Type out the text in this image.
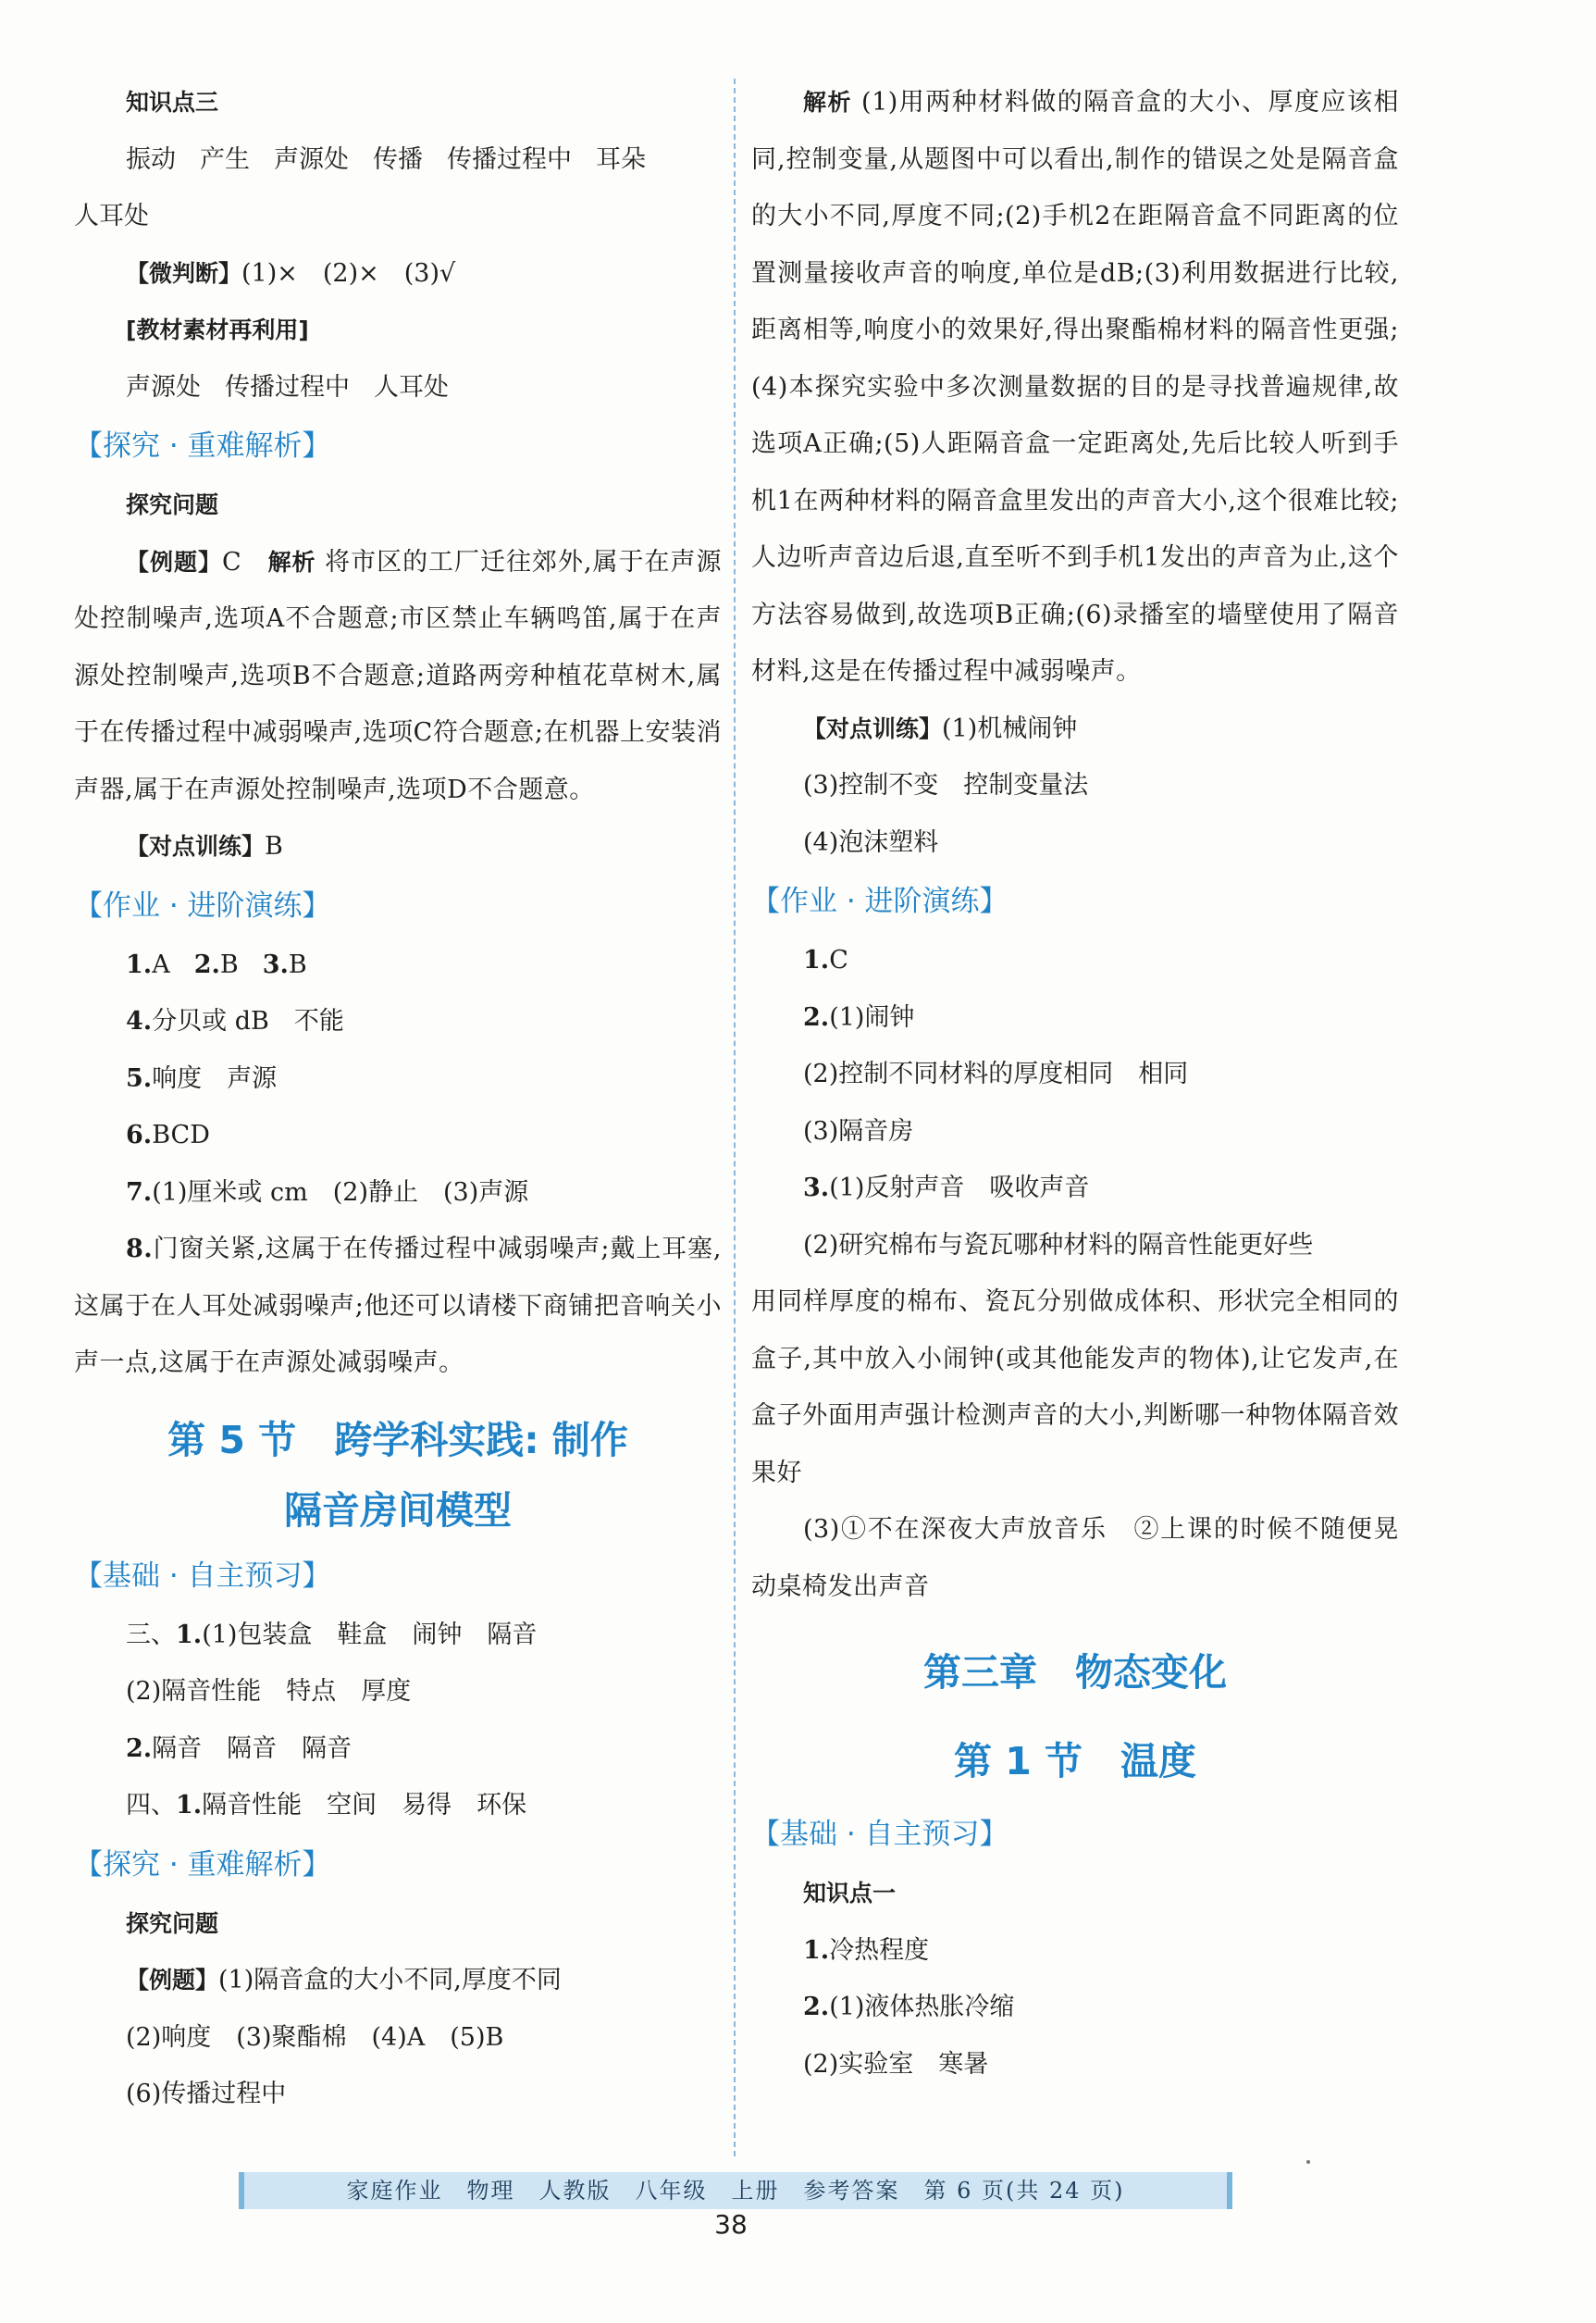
知识点三

振动 产生 声源处 传播 传播过程中 耳朵

人耳处

【微判断】(1)×　(2)×　(3)√

[教材素材再利用]

声源处 传播过程中 人耳处

【探究 · 重难解析】

探究问题

【例题】C　 解析 将市区的工厂迁往郊外,属于在声源处控制噪声,选项A不合题意;市区禁止车辆鸣笛,属于在声源处控制噪声,选项B不合题意;道路两旁种植花草树木,属于在传播过程中减弱噪声,选项C符合题意;在机器上安装消声器,属于在声源处控制噪声,选项D不合题意。

【对点训练】B

【作业 · 进阶演练】

1.A 2.B 3.B

4.分贝或 dB　不能

5.响度　声源

6.BCD

7.(1)厘米或 cm　(2)静止　(3)声源

8.门窗关紧,这属于在传播过程中减弱噪声;戴上耳塞,这属于在人耳处减弱噪声;他还可以请楼下商铺把音响关小声一点,这属于在声源处减弱噪声。

第 5 节　跨学科实践: 制作

隔音房间模型

【基础 · 自主预习】

三、1.(1)包装盒　鞋盒　闹钟　隔音

(2)隔音性能　特点　厚度

2.隔音　隔音　隔音

四、1.隔音性能　空间　易得　环保

【探究 · 重难解析】

探究问题

【例题】(1)隔音盒的大小不同,厚度不同

(2)响度　(3)聚酯棉　(4)A　(5)B

(6)传播过程中

解析 (1)用两种材料做的隔音盒的大小、厚度应该相同,控制变量,从题图中可以看出,制作的错误之处是隔音盒的大小不同,厚度不同;(2)手机2在距隔音盒不同距离的位置测量接收声音的响度,单位是dB;(3)利用数据进行比较,距离相等,响度小的效果好,得出聚酯棉材料的隔音性更强;(4)本探究实验中多次测量数据的目的是寻找普遍规律,故选项A正确;(5)人距隔音盒一定距离处,先后比较人听到手机1在两种材料的隔音盒里发出的声音大小,这个很难比较;人边听声音边后退,直至听不到手机1发出的声音为止,这个方法容易做到,故选项B正确;(6)录播室的墙壁使用了隔音材料,这是在传播过程中减弱噪声。

【对点训练】(1)机械闹钟

(3)控制不变　控制变量法

(4)泡沫塑料

【作业 · 进阶演练】

1.C

2.(1)闹钟

(2)控制不同材料的厚度相同　相同

(3)隔音房

3.(1)反射声音　吸收声音

(2)研究棉布与瓷瓦哪种材料的隔音性能更好些

用同样厚度的棉布、瓷瓦分别做成体积、形状完全相同的盒子,其中放入小闹钟(或其他能发声的物体),让它发声,在盒子外面用声强计检测声音的大小,判断哪一种物体隔音效果好

(3)①不在深夜大声放音乐　②上课的时候不随便晃动桌椅发出声音

第三章　物态变化

第 1 节　温度

【基础 · 自主预习】

知识点一

1.冷热程度

2.(1)液体热胀冷缩

(2)实验室　寒暑

家庭作业　物理　人教版　八年级　上册　参考答案　第 6 页(共 24 页)
38
